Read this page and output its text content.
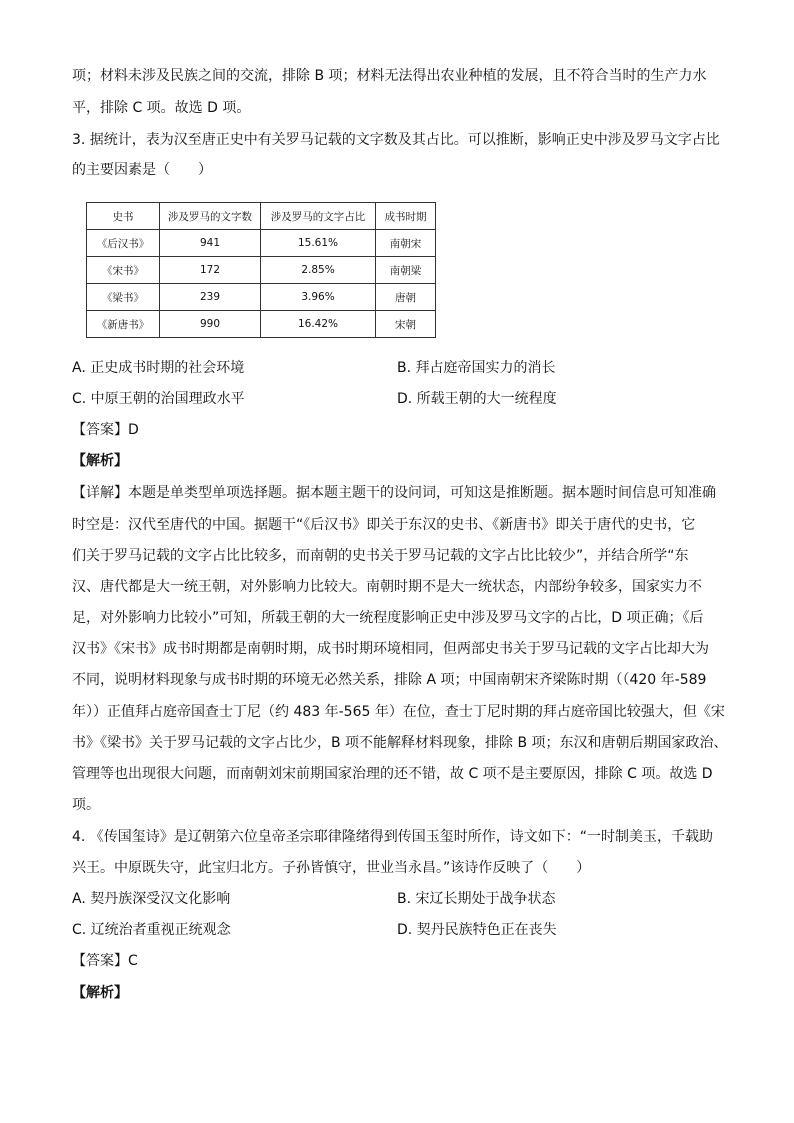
项；材料未涉及民族之间的交流，排除 B 项；材料无法得出农业种植的发展，且不符合当时的生产力水
平，排除 C 项。故选 D 项。
3. 据统计，表为汉至唐正史中有关罗马记载的文字数及其占比。可以推断，影响正史中涉及罗马文字占比
的主要因素是（　　）
史书	涉及罗马的文字数	涉及罗马的文字占比	成书时期
《后汉书》	941	15.61%	南朝宋
《宋书》	172	2.85%	南朝梁
《梁书》	239	3.96%	唐朝
《新唐书》	990	16.42%	宋朝
A. 正史成书时期的社会环境	B. 拜占庭帝国实力的消长
C. 中原王朝的治国理政水平	D. 所载王朝的大一统程度
【答案】D
【解析】
【详解】本题是单类型单项选择题。据本题主题干的设问词，可知这是推断题。据本题时间信息可知准确
时空是：汉代至唐代的中国。据题干“《后汉书》即关于东汉的史书、《新唐书》即关于唐代的史书，它
们关于罗马记载的文字占比比较多，而南朝的史书关于罗马记载的文字占比比较少”，并结合所学“东
汉、唐代都是大一统王朝，对外影响力比较大。南朝时期不是大一统状态，内部纷争较多，国家实力不
足，对外影响力比较小”可知，所载王朝的大一统程度影响正史中涉及罗马文字的占比，D 项正确；《后
汉书》《宋书》成书时期都是南朝时期，成书时期环境相同，但两部史书关于罗马记载的文字占比却大为
不同，说明材料现象与成书时期的环境无必然关系，排除 A 项；中国南朝宋齐梁陈时期（（420 年-589
年））正值拜占庭帝国查士丁尼（约 483 年-565 年）在位，查士丁尼时期的拜占庭帝国比较强大，但《宋
书》《梁书》关于罗马记载的文字占比少，B 项不能解释材料现象，排除 B 项；东汉和唐朝后期国家政治、
管理等也出现很大问题，而南朝刘宋前期国家治理的还不错，故 C 项不是主要原因，排除 C 项。故选 D
项。
4. 《传国玺诗》是辽朝第六位皇帝圣宗耶律隆绪得到传国玉玺时所作，诗文如下：“一时制美玉，千载助
兴王。中原既失守，此宝归北方。子孙皆慎守，世业当永昌。”该诗作反映了（　　）
A. 契丹族深受汉文化影响	B. 宋辽长期处于战争状态
C. 辽统治者重视正统观念	D. 契丹民族特色正在丧失
【答案】C
【解析】
